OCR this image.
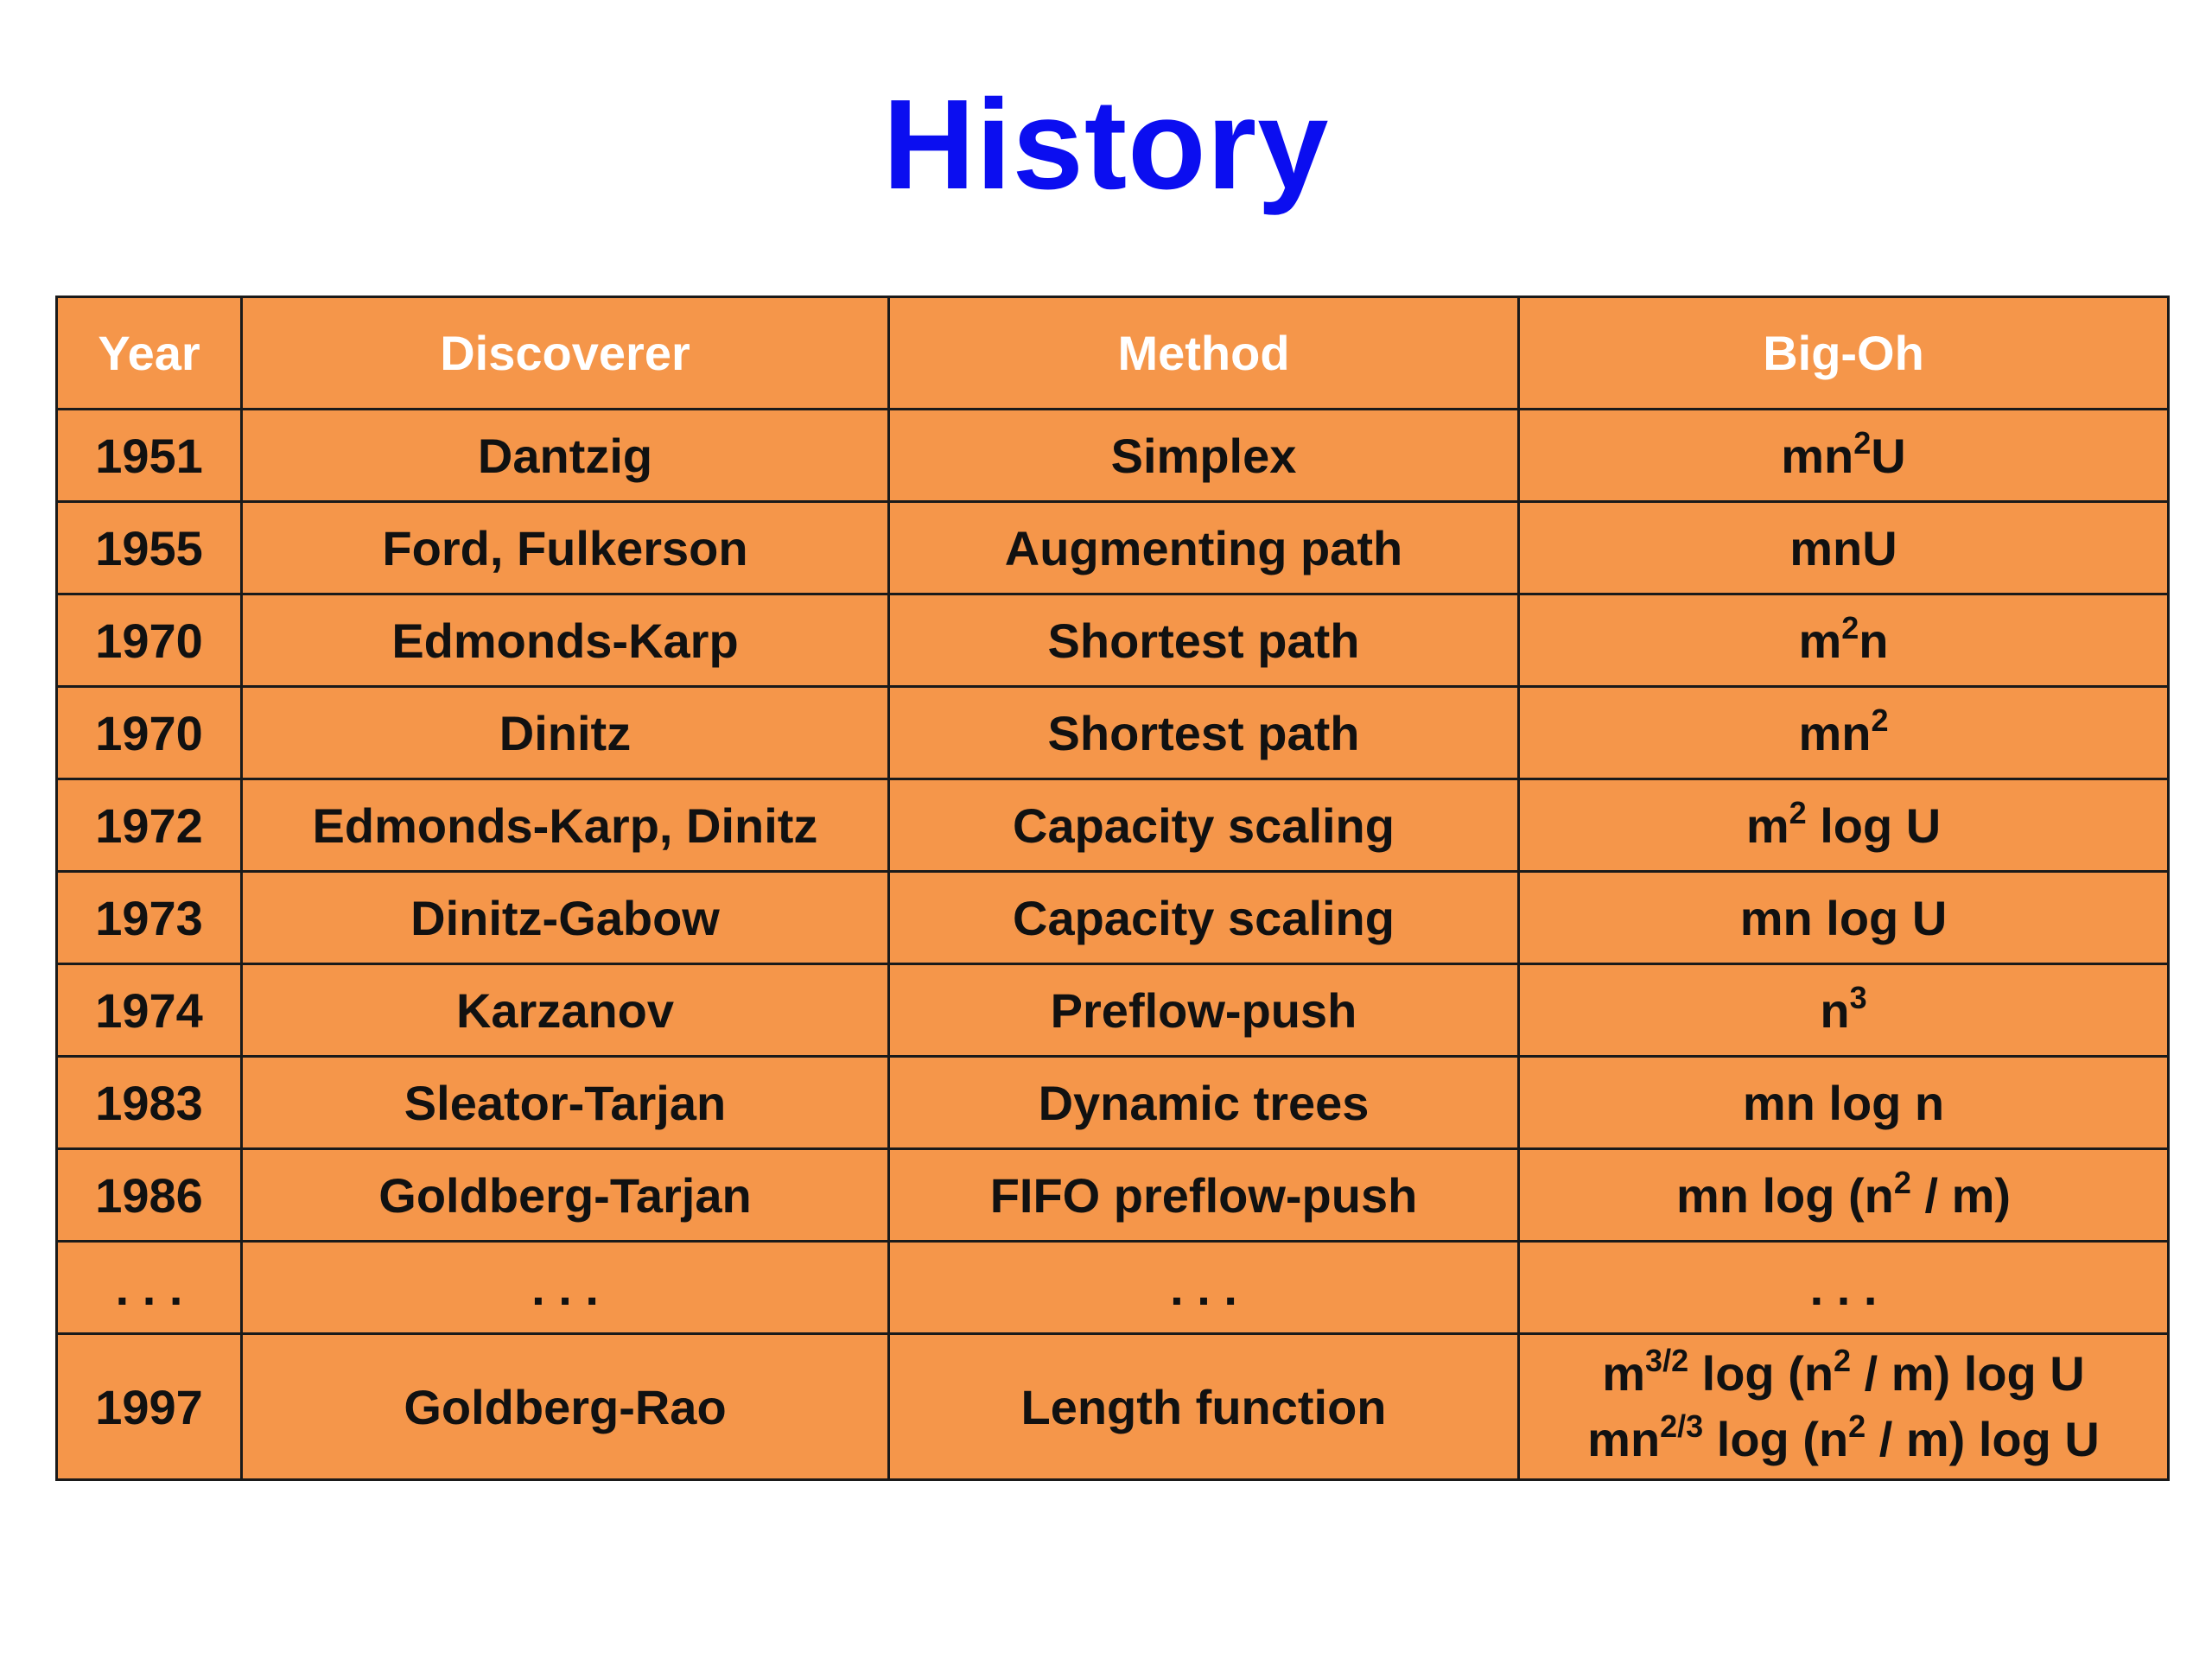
History
Year	Discoverer	Method	Big-Oh
1951	Dantzig	Simplex	$mn^2U$
1955	Ford, Fulkerson	Augmenting path	mnU
1970	Edmonds-Karp	Shortest path	$m^2n$
1970	Dinitz	Shortest path	$mn^2$
1972	Edmonds-Karp, Dinitz	Capacity scaling	$m^2$ log U
1973	Dinitz-Gabow	Capacity scaling	mn log U
1974	Karzanov	Preflow-push	$n^3$
1983	Sleator-Tarjan	Dynamic trees	mn log n
1986	Goldberg-Tarjan	FIFO preflow-push	mn $\log (n^2 / m)$
. . .	. . .	. . .	. . .
1997	Goldberg-Rao	Length function	$m^{3/2}$ $\log (n^2 / m)$ log U
$mn^{2/3}$ $\log (n^2 / m)$ log U
